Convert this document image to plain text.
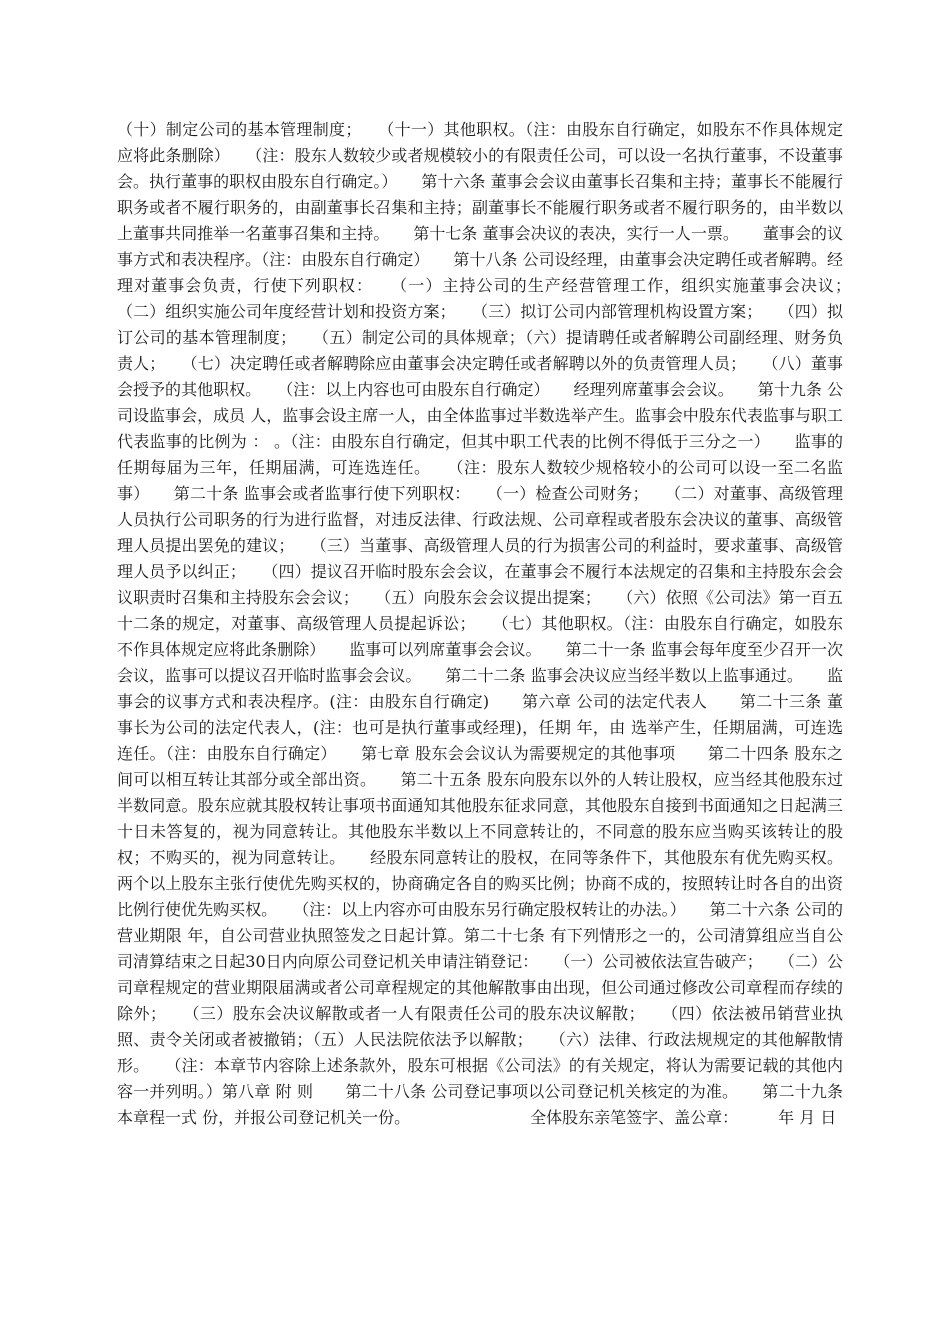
（十）制定公司的基本管理制度；　　（十一）其他职权。（注：由股东自行确定，如股东不作具体规定应将此条删除）　　（注：股东人数较少或者规模较小的有限责任公司，可以设一名执行董事，不设董事会。执行董事的职权由股东自行确定。）　　第十六条 董事会会议由董事长召集和主持；董事长不能履行职务或者不履行职务的，由副董事长召集和主持；副董事长不能履行职务或者不履行职务的，由半数以上董事共同推举一名董事召集和主持。　　第十七条 董事会决议的表决，实行一人一票。　　董事会的议事方式和表决程序。（注：由股东自行确定）　　第十八条 公司设经理，由董事会决定聘任或者解聘。经理对董事会负责，行使下列职权：　　（一）主持公司的生产经营管理工作，组织实施董事会决议；　　（二）组织实施公司年度经营计划和投资方案；　　（三）拟订公司内部管理机构设置方案；　　（四）拟订公司的基本管理制度；　　（五）制定公司的具体规章；（六）提请聘任或者解聘公司副经理、财务负责人；　　（七）决定聘任或者解聘除应由董事会决定聘任或者解聘以外的负责管理人员；　　（八）董事会授予的其他职权。　　（注：以上内容也可由股东自行确定）　　经理列席董事会会议。　　第十九条 公司设监事会，成员 人，监事会设主席一人，由全体监事过半数选举产生。监事会中股东代表监事与职工代表监事的比例为 ： 。（注：由股东自行确定，但其中职工代表的比例不得低于三分之一）　　监事的任期每届为三年，任期届满，可连选连任。　　（注：股东人数较少规格较小的公司可以设一至二名监事）　　第二十条 监事会或者监事行使下列职权：　　（一）检查公司财务；　　（二）对董事、高级管理人员执行公司职务的行为进行监督，对违反法律、行政法规、公司章程或者股东会决议的董事、高级管理人员提出罢免的建议；　　（三）当董事、高级管理人员的行为损害公司的利益时，要求董事、高级管理人员予以纠正；　　（四）提议召开临时股东会会议，在董事会不履行本法规定的召集和主持股东会会议职责时召集和主持股东会会议；　　（五）向股东会会议提出提案；　　（六）依照《公司法》第一百五十二条的规定，对董事、高级管理人员提起诉讼；　　（七）其他职权。（注：由股东自行确定，如股东不作具体规定应将此条删除）　　监事可以列席董事会会议。　　第二十一条 监事会每年度至少召开一次会议，监事可以提议召开临时监事会会议。　　第二十二条 监事会决议应当经半数以上监事通过。　　监事会的议事方式和表决程序。(注：由股东自行确定)　　第六章 公司的法定代表人　　第二十三条 董事长为公司的法定代表人，(注：也可是执行董事或经理)，任期 年，由 选举产生，任期届满，可连选连任。（注：由股东自行确定）　　第七章 股东会会议认为需要规定的其他事项　　第二十四条 股东之间可以相互转让其部分或全部出资。　　第二十五条 股东向股东以外的人转让股权，应当经其他股东过半数同意。股东应就其股权转让事项书面通知其他股东征求同意，其他股东自接到书面通知之日起满三十日未答复的，视为同意转让。其他股东半数以上不同意转让的，不同意的股东应当购买该转让的股权；不购买的，视为同意转让。　　经股东同意转让的股权，在同等条件下，其他股东有优先购买权。两个以上股东主张行使优先购买权的，协商确定各自的购买比例；协商不成的，按照转让时各自的出资比例行使优先购买权。　　（注：以上内容亦可由股东另行确定股权转让的办法。）　　第二十六条 公司的营业期限 年，自公司营业执照签发之日起计算。第二十七条 有下列情形之一的，公司清算组应当自公司清算结束之日起30日内向原公司登记机关申请注销登记：　　（一）公司被依法宣告破产；　　（二）公司章程规定的营业期限届满或者公司章程规定的其他解散事由出现，但公司通过修改公司章程而存续的除外；　　（三）股东会决议解散或者一人有限责任公司的股东决议解散；　　（四）依法被吊销营业执照、责令关闭或者被撤销；（五）人民法院依法予以解散；　　（六）法律、行政法规规定的其他解散情形。　　（注：本章节内容除上述条款外，股东可根据《公司法》的有关规定，将认为需要记载的其他内容一并列明。）第八章 附 则　　第二十八条 公司登记事项以公司登记机关核定的为准。　　第二十九条 本章程一式 份，并报公司登记机关一份。　　　　　　　　全体股东亲笔签字、盖公章：　　　年 月 日
